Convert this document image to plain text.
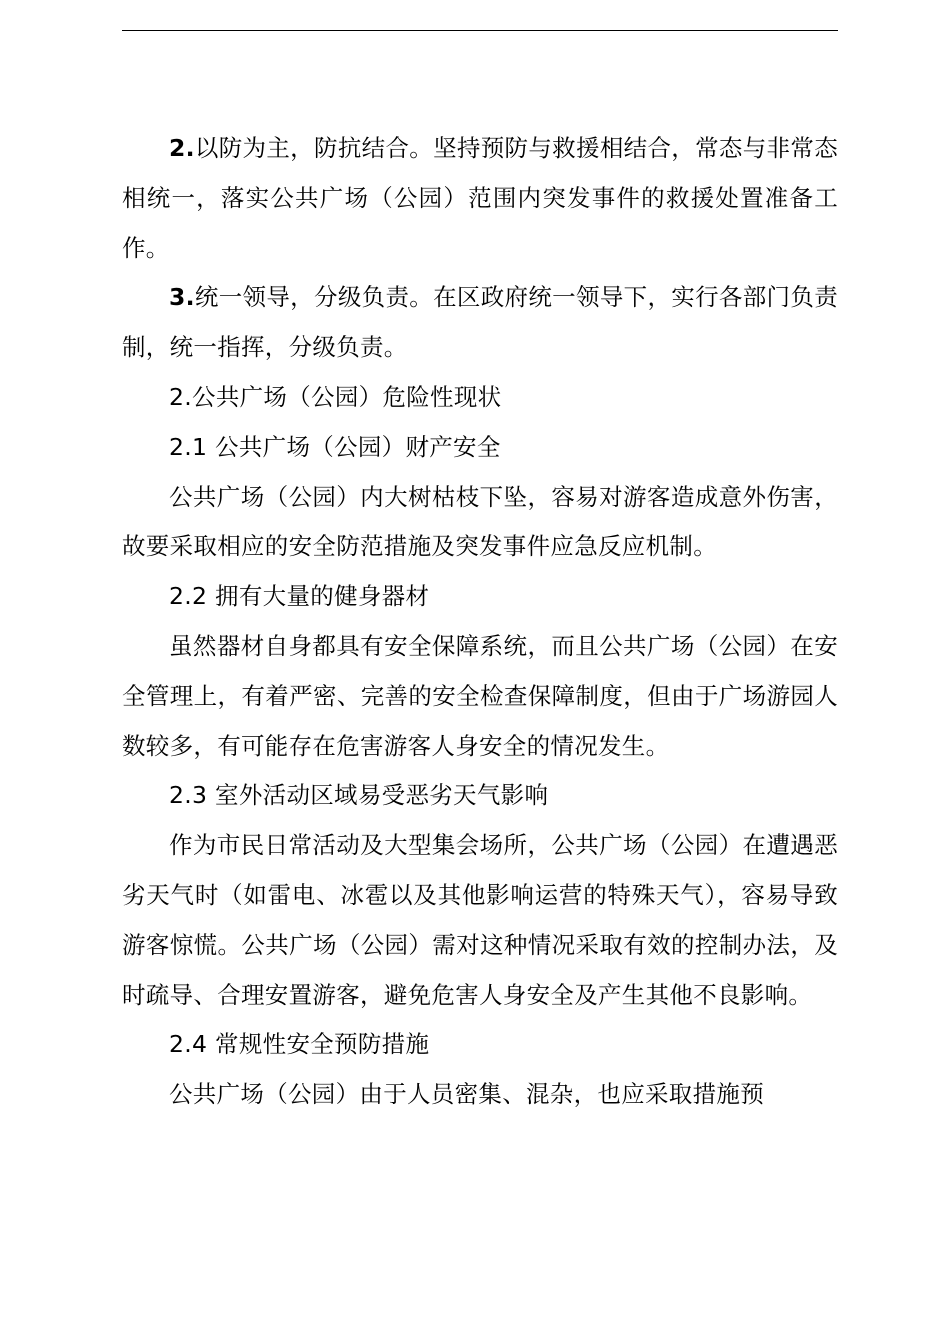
2.以防为主，防抗结合。坚持预防与救援相结合，常态与非常态相统一，落实公共广场（公园）范围内突发事件的救援处置准备工作。

3.统一领导，分级负责。在区政府统一领导下，实行各部门负责制，统一指挥，分级负责。

2.公共广场（公园）危险性现状

2.1 公共广场（公园）财产安全

公共广场（公园）内大树枯枝下坠，容易对游客造成意外伤害，故要采取相应的安全防范措施及突发事件应急反应机制。

2.2 拥有大量的健身器材

虽然器材自身都具有安全保障系统，而且公共广场（公园）在安全管理上，有着严密、完善的安全检查保障制度，但由于广场游园人数较多，有可能存在危害游客人身安全的情况发生。

2.3 室外活动区域易受恶劣天气影响

作为市民日常活动及大型集会场所，公共广场（公园）在遭遇恶劣天气时（如雷电、冰雹以及其他影响运营的特殊天气），容易导致游客惊慌。公共广场（公园）需对这种情况采取有效的控制办法，及时疏导、合理安置游客，避免危害人身安全及产生其他不良影响。

2.4 常规性安全预防措施

公共广场（公园）由于人员密集、混杂，也应采取措施预
